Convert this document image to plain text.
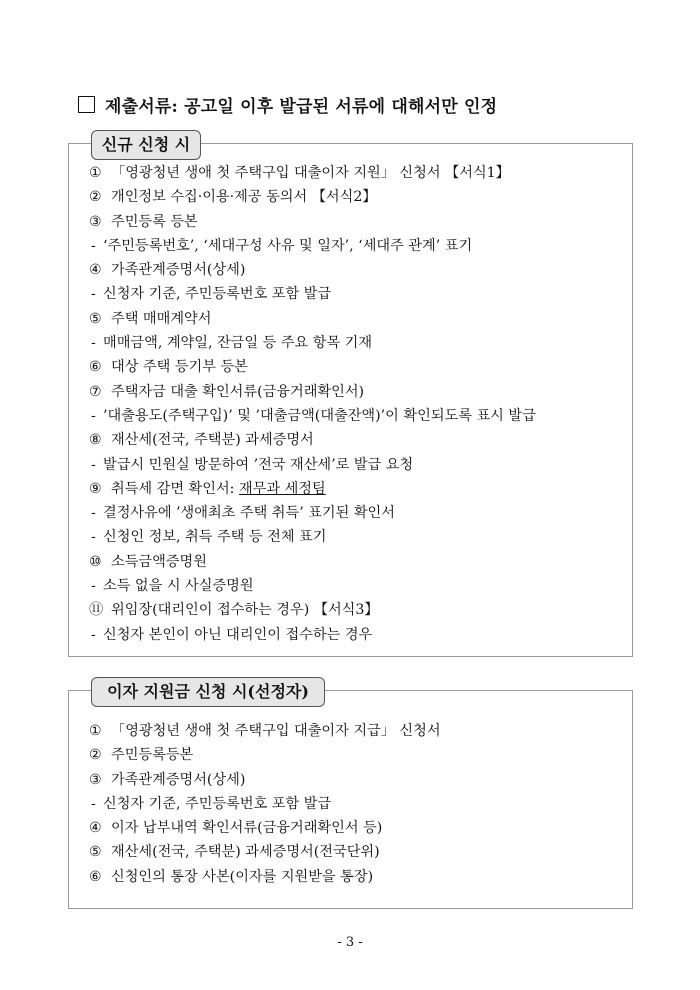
제출서류: 공고일 이후 발급된 서류에 대해서만 인정
신규 신청 시
① 「영광청년 생애 첫 주택구입 대출이자 지원」 신청서 【서식1】
② 개인정보 수집·이용·제공 동의서 【서식2】
③ 주민등록 등본
- ‘주민등록번호’, ‘세대구성 사유 및 일자’, ‘세대주 관계’ 표기
④ 가족관계증명서(상세)
- 신청자 기준, 주민등록번호 포함 발급
⑤ 주택 매매계약서
- 매매금액, 계약일, 잔금일 등 주요 항목 기재
⑥ 대상 주택 등기부 등본
⑦ 주택자금 대출 확인서류(금융거래확인서)
- ’대출용도(주택구입)’ 및 ’대출금액(대출잔액)’이 확인되도록 표시 발급
⑧ 재산세(전국, 주택분) 과세증명서
- 발급시 민원실 방문하여 ’전국 재산세’로 발급 요청
⑨ 취득세 감면 확인서: 재무과 세정팀
- 결정사유에 ’생애최초 주택 취득’ 표기된 확인서
- 신청인 정보, 취득 주택 등 전체 표기
⑩ 소득금액증명원
- 소득 없을 시 사실증명원
⑪ 위임장(대리인이 접수하는 경우) 【서식3】
- 신청자 본인이 아닌 대리인이 접수하는 경우
이자 지원금 신청 시(선정자)
① 「영광청년 생애 첫 주택구입 대출이자 지급」 신청서
② 주민등록등본
③ 가족관계증명서(상세)
- 신청자 기준, 주민등록번호 포함 발급
④ 이자 납부내역 확인서류(금융거래확인서 등)
⑤ 재산세(전국, 주택분) 과세증명서(전국단위)
⑥ 신청인의 통장 사본(이자를 지원받을 통장)
- 3 -
